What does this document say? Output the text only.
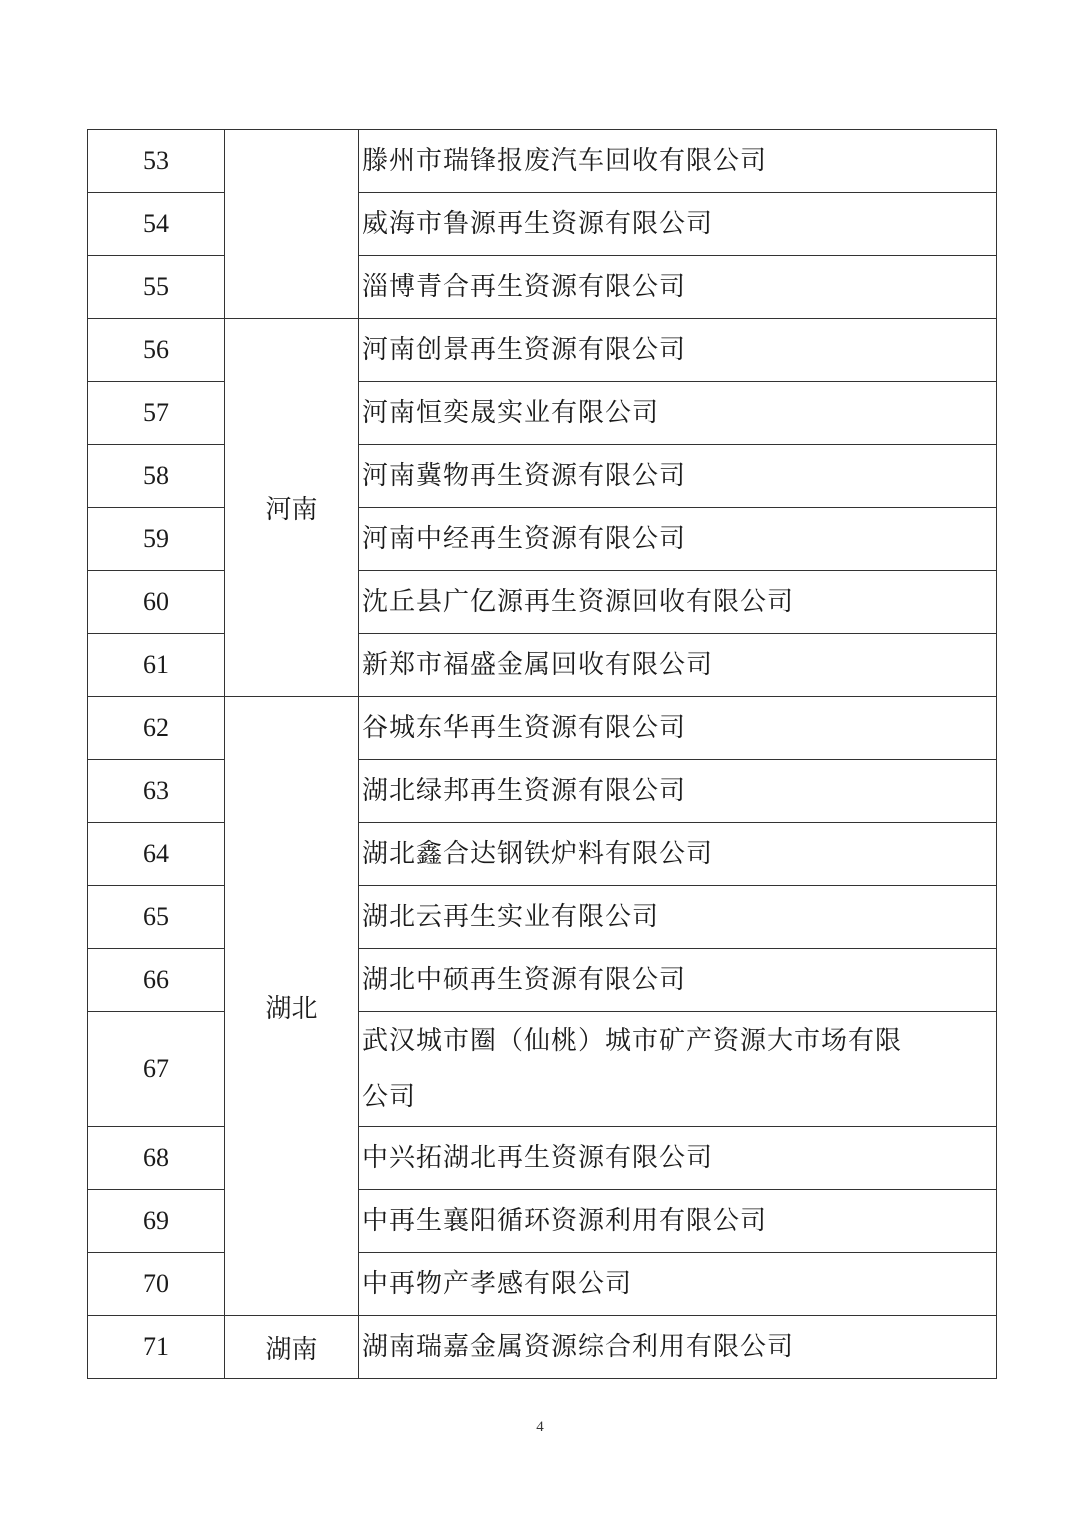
53		滕州市瑞锋报废汽车回收有限公司
54		威海市鲁源再生资源有限公司
55		淄博青合再生资源有限公司
56	河南	河南创景再生资源有限公司
57		河南恒奕晟实业有限公司
58		河南冀物再生资源有限公司
59		河南中经再生资源有限公司
60		沈丘县广亿源再生资源回收有限公司
61		新郑市福盛金属回收有限公司
62	湖北	谷城东华再生资源有限公司
63		湖北绿邦再生资源有限公司
64		湖北鑫合达钢铁炉料有限公司
65		湖北云再生实业有限公司
66		湖北中硕再生资源有限公司
67		武汉城市圈（仙桃）城市矿产资源大市场有限公司
68		中兴拓湖北再生资源有限公司
69		中再生襄阳循环资源利用有限公司
70		中再物产孝感有限公司
71	湖南	湖南瑞嘉金属资源综合利用有限公司
4
